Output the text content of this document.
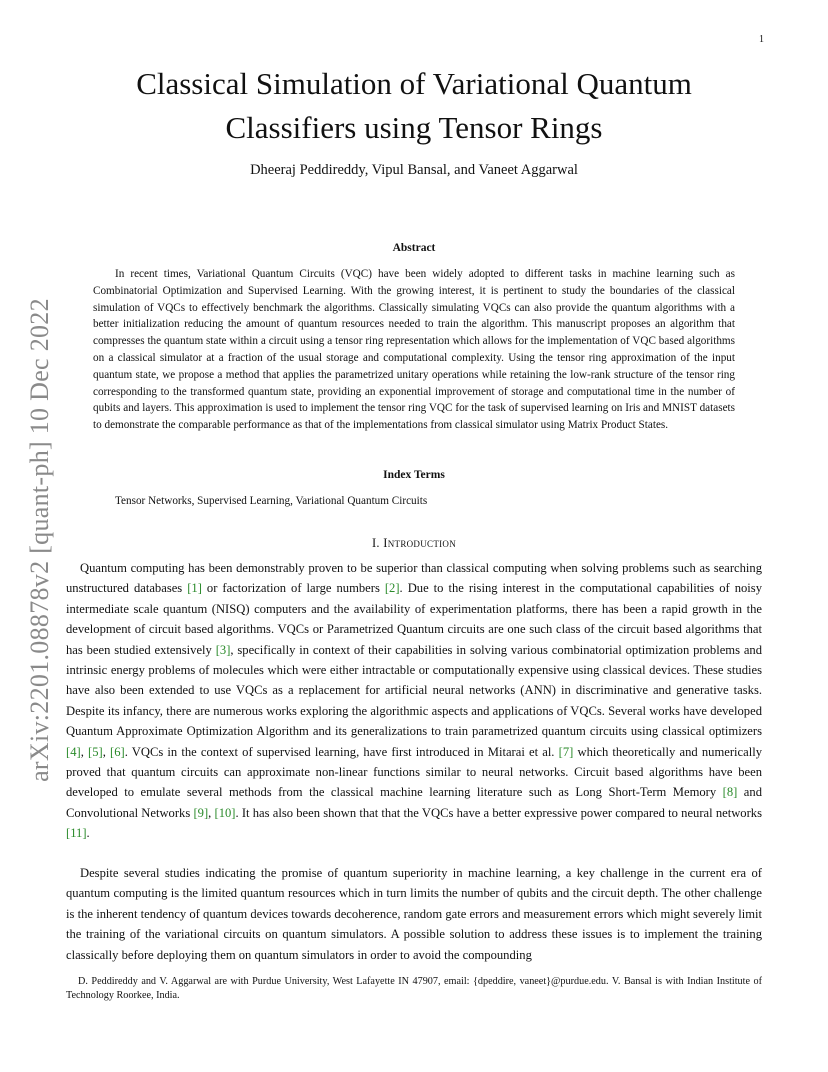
1
arXiv:2201.08878v2 [quant-ph] 10 Dec 2022
Classical Simulation of Variational Quantum
Classifiers using Tensor Rings

Dheeraj Peddireddy, Vipul Bansal, and Vaneet Aggarwal

Abstract

In recent times, Variational Quantum Circuits (VQC) have been widely adopted to different tasks in machine learning such as Combinatorial Optimization and Supervised Learning. With the growing interest, it is pertinent to study the boundaries of the classical simulation of VQCs to effectively benchmark the algorithms. Classically simulating VQCs can also provide the quantum algorithms with a better initialization reducing the amount of quantum resources needed to train the algorithm. This manuscript proposes an algorithm that compresses the quantum state within a circuit using a tensor ring representation which allows for the implementation of VQC based algorithms on a classical simulator at a fraction of the usual storage and computational complexity. Using the tensor ring approximation of the input quantum state, we propose a method that applies the parametrized unitary operations while retaining the low-rank structure of the tensor ring corresponding to the transformed quantum state, providing an exponential improvement of storage and computational time in the number of qubits and layers. This approximation is used to implement the tensor ring VQC for the task of supervised learning on Iris and MNIST datasets to demonstrate the comparable performance as that of the implementations from classical simulator using Matrix Product States.

Index Terms

Tensor Networks, Supervised Learning, Variational Quantum Circuits

I. Introduction

Quantum computing has been demonstrably proven to be superior than classical computing when solving problems such as searching unstructured databases [1] or factorization of large numbers [2]. Due to the rising interest in the computational capabilities of noisy intermediate scale quantum (NISQ) computers and the availability of experimentation platforms, there has been a rapid growth in the development of circuit based algorithms. VQCs or Parametrized Quantum circuits are one such class of the circuit based algorithms that has been studied extensively [3], specifically in context of their capabilities in solving various combinatorial optimization problems and intrinsic energy problems of molecules which were either intractable or computationally expensive using classical devices. These studies have also been extended to use VQCs as a replacement for artificial neural networks (ANN) in discriminative and generative tasks. Despite its infancy, there are numerous works exploring the algorithmic aspects and applications of VQCs. Several works have developed Quantum Approximate Optimization Algorithm and its generalizations to train parametrized quantum circuits using classical optimizers [4], [5], [6]. VQCs in the context of supervised learning, have first introduced in Mitarai et al. [7] which theoretically and numerically proved that quantum circuits can approximate non-linear functions similar to neural networks. Circuit based algorithms have been developed to emulate several methods from the classical machine learning literature such as Long Short-Term Memory [8] and Convolutional Networks [9], [10]. It has also been shown that that the VQCs have a better expressive power compared to neural networks [11].

Despite several studies indicating the promise of quantum superiority in machine learning, a key challenge in the current era of quantum computing is the limited quantum resources which in turn limits the number of qubits and the circuit depth. The other challenge is the inherent tendency of quantum devices towards decoherence, random gate errors and measurement errors which might severely limit the training of the variational circuits on quantum simulators. A possible solution to address these issues is to implement the training classically before deploying them on quantum simulators in order to avoid the compounding

D. Peddireddy and V. Aggarwal are with Purdue University, West Lafayette IN 47907, email: {dpeddire, vaneet}@purdue.edu. V. Bansal is with Indian Institute of Technology Roorkee, India.
